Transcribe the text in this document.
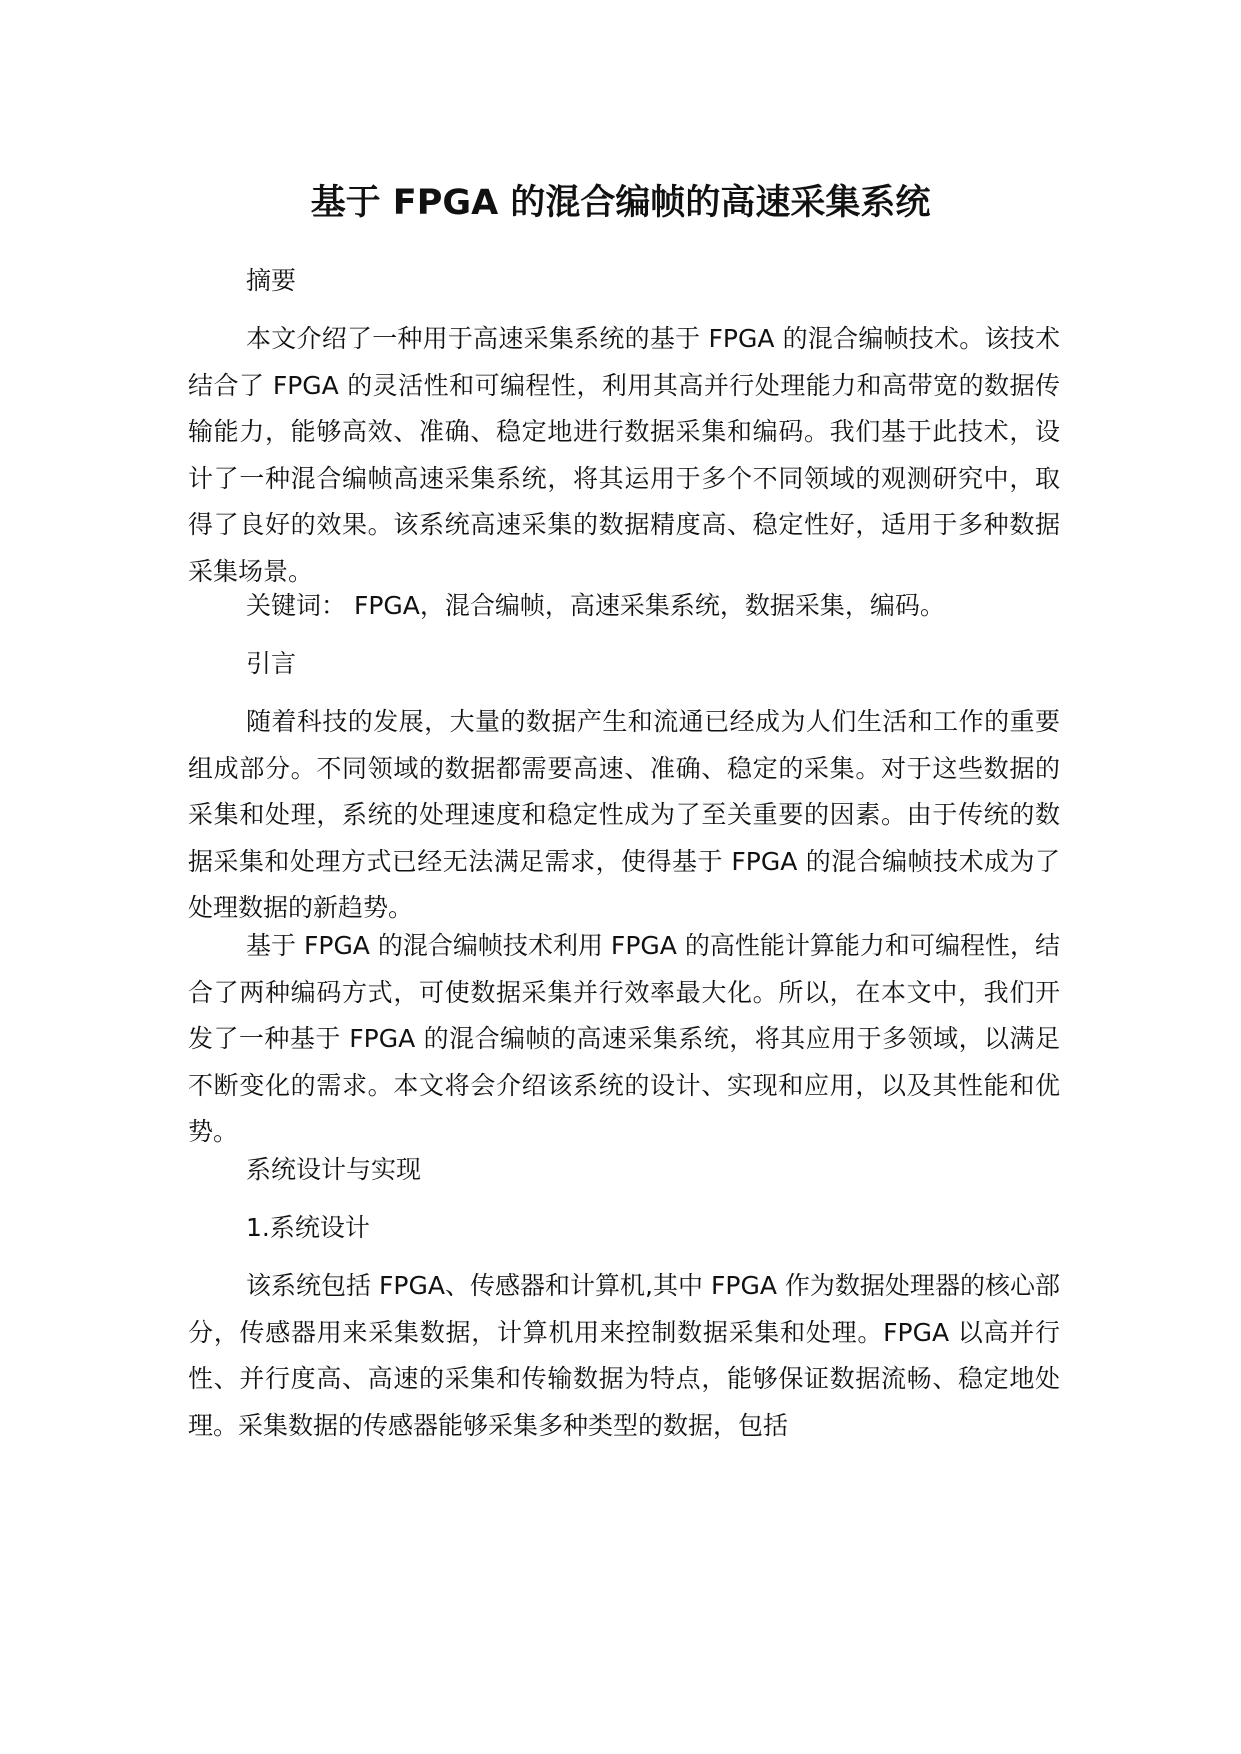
基于 FPGA 的混合编帧的高速采集系统

摘要

本文介绍了一种用于高速采集系统的基于 FPGA 的混合编帧技术。该技术结合了 FPGA 的灵活性和可编程性，利用其高并行处理能力和高带宽的数据传输能力，能够高效、准确、稳定地进行数据采集和编码。我们基于此技术，设计了一种混合编帧高速采集系统，将其运用于多个不同领域的观测研究中，取得了良好的效果。该系统高速采集的数据精度高、稳定性好，适用于多种数据采集场景。

关键词： FPGA，混合编帧，高速采集系统，数据采集，编码。

引言

随着科技的发展，大量的数据产生和流通已经成为人们生活和工作的重要组成部分。不同领域的数据都需要高速、准确、稳定的采集。对于这些数据的采集和处理，系统的处理速度和稳定性成为了至关重要的因素。由于传统的数据采集和处理方式已经无法满足需求，使得基于 FPGA 的混合编帧技术成为了处理数据的新趋势。

基于 FPGA 的混合编帧技术利用 FPGA 的高性能计算能力和可编程性，结合了两种编码方式，可使数据采集并行效率最大化。所以，在本文中，我们开发了一种基于 FPGA 的混合编帧的高速采集系统，将其应用于多领域，以满足不断变化的需求。本文将会介绍该系统的设计、实现和应用，以及其性能和优势。

系统设计与实现

1.系统设计

该系统包括 FPGA、传感器和计算机,其中 FPGA 作为数据处理器的核心部分，传感器用来采集数据，计算机用来控制数据采集和处理。FPGA 以高并行性、并行度高、高速的采集和传输数据为特点，能够保证数据流畅、稳定地处理。采集数据的传感器能够采集多种类型的数据，包括
